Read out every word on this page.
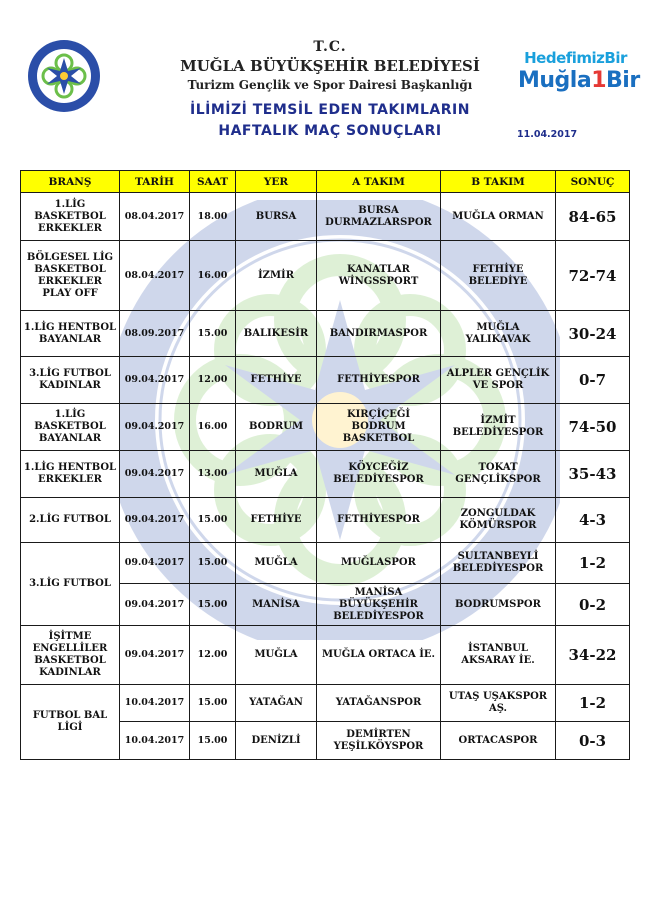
T.C.
MUĞLA BÜYÜKŞEHİR BELEDİYESİ
Turizm Gençlik ve Spor Dairesi Başkanlığı
İLİMİZİ TEMSİL EDEN TAKIMLARIN
HAFTALIK MAÇ SONUÇLARI
HedefimizBir
Muğla1Bir
11.04.2017
BRANŞ	TARİH	SAAT	YER	A TAKIM	B TAKIM	SONUÇ
1.LİG BASKETBOL ERKEKLER	08.04.2017	18.00	BURSA	BURSA DURMAZLARSPOR	MUĞLA ORMAN	84-65
BÖLGESEL LİG BASKETBOL ERKEKLER PLAY OFF	08.04.2017	16.00	İZMİR	KANATLAR WİNGSSPORT	FETHİYE BELEDİYE	72-74
1.LİG HENTBOL BAYANLAR	08.09.2017	15.00	BALIKESİR	BANDIRMASPOR	MUĞLA YALIKAVAK	30-24
3.LİG FUTBOL KADINLAR	09.04.2017	12.00	FETHİYE	FETHİYESPOR	ALPLER GENÇLİK VE SPOR	0-7
1.LİG BASKETBOL BAYANLAR	09.04.2017	16.00	BODRUM	KIRÇİÇEĞİ BODRUM BASKETBOL	İZMİT BELEDİYESPOR	74-50
1.LİG HENTBOL ERKEKLER	09.04.2017	13.00	MUĞLA	KÖYCEĞİZ BELEDİYESPOR	TOKAT GENÇLİKSPOR	35-43
2.LİG FUTBOL	09.04.2017	15.00	FETHİYE	FETHİYESPOR	ZONGULDAK KÖMÜRSPOR	4-3
3.LİG FUTBOL	09.04.2017	15.00	MUĞLA	MUĞLASPOR	SULTANBEYLİ BELEDİYESPOR	1-2
	09.04.2017	15.00	MANİSA	MANİSA BÜYÜKŞEHİR BELEDİYESPOR	BODRUMSPOR	0-2
İŞİTME ENGELLİLER BASKETBOL KADINLAR	09.04.2017	12.00	MUĞLA	MUĞLA ORTACA İE.	İSTANBUL AKSARAY İE.	34-22
FUTBOL BAL LİGİ	10.04.2017	15.00	YATAĞAN	YATAĞANSPOR	UTAŞ UŞAKSPOR AŞ.	1-2
	10.04.2017	15.00	DENİZLİ	DEMİRTEN YEŞİLKÖYSPOR	ORTACASPOR	0-3
